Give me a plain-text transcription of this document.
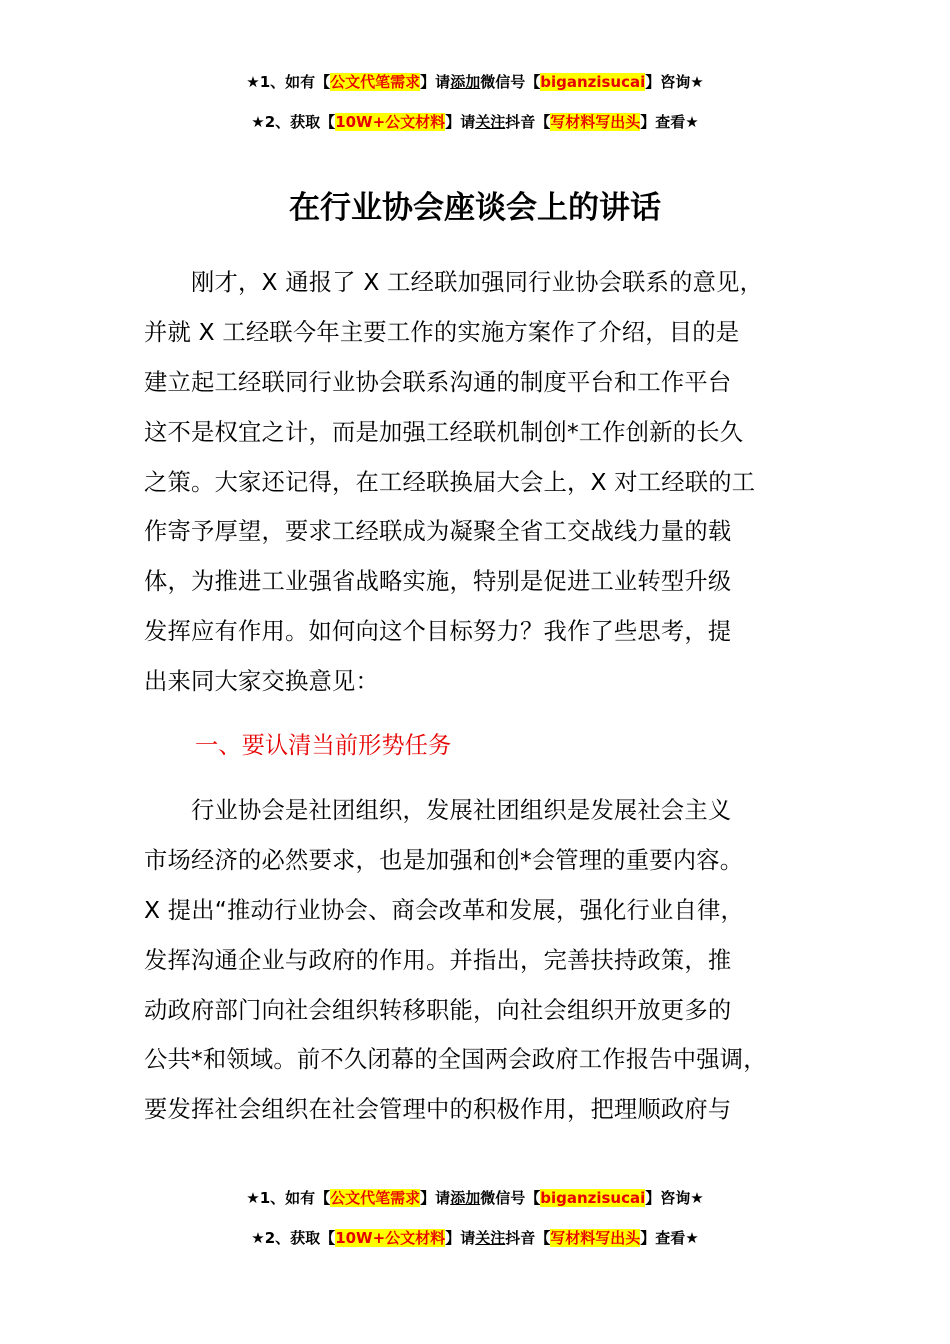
★1、如有【公文代笔需求】请添加微信号【biganzisucai】咨询★
★2、获取【10W+公文材料】请关注抖音【写材料写出头】查看★
在行业协会座谈会上的讲话
　　刚才，X 通报了 X 工经联加强同行业协会联系的意见，
并就 X 工经联今年主要工作的实施方案作了介绍，目的是
建立起工经联同行业协会联系沟通的制度平台和工作平台
这不是权宜之计，而是加强工经联机制创*工作创新的长久
之策。大家还记得，在工经联换届大会上，X 对工经联的工
作寄予厚望，要求工经联成为凝聚全省工交战线力量的载
体，为推进工业强省战略实施，特别是促进工业转型升级
发挥应有作用。如何向这个目标努力？我作了些思考，提
出来同大家交换意见：
一、要认清当前形势任务
　　行业协会是社团组织，发展社团组织是发展社会主义
市场经济的必然要求，也是加强和创*会管理的重要内容。
X 提出“推动行业协会、商会改革和发展，强化行业自律，
发挥沟通企业与政府的作用。并指出，完善扶持政策，推
动政府部门向社会组织转移职能，向社会组织开放更多的
公共*和领域。前不久闭幕的全国两会政府工作报告中强调，
要发挥社会组织在社会管理中的积极作用，把理顺政府与
★1、如有【公文代笔需求】请添加微信号【biganzisucai】咨询★
★2、获取【10W+公文材料】请关注抖音【写材料写出头】查看★
